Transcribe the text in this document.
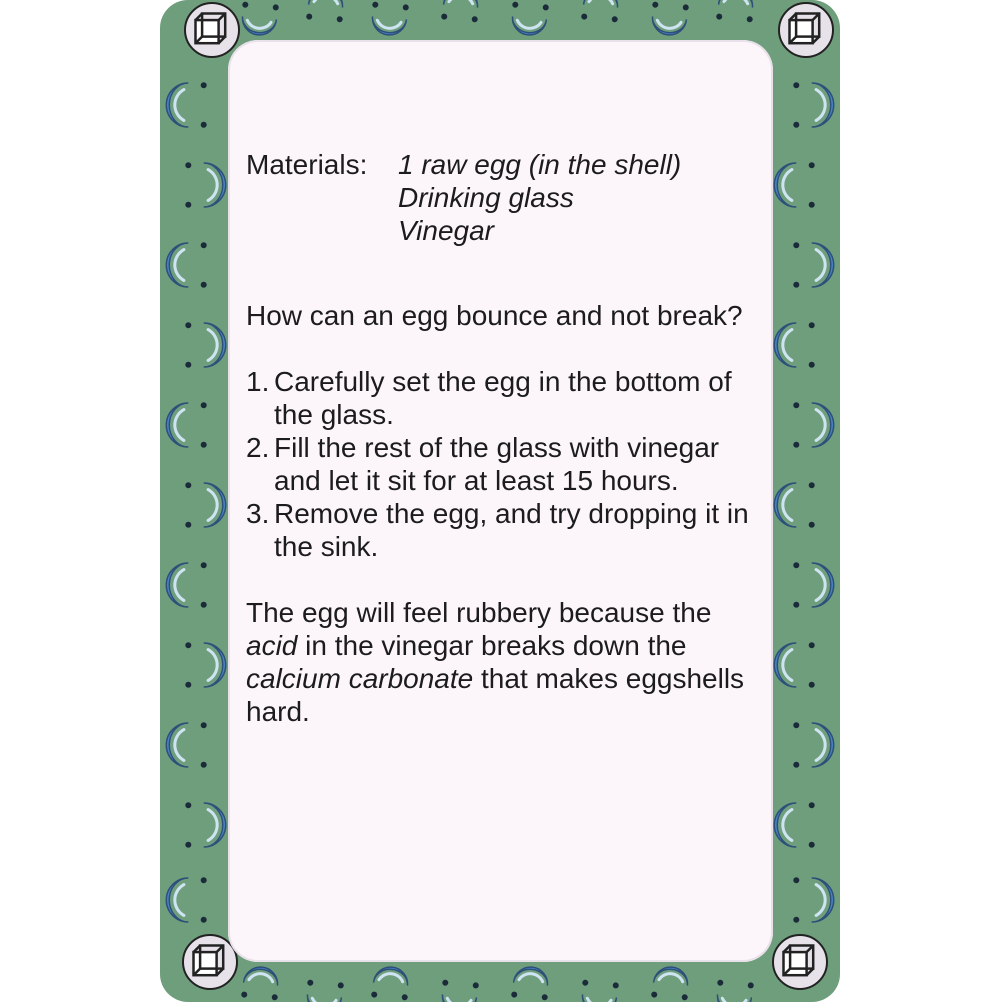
Materials:	1 raw egg (in the shell)
Drinking glass
Vinegar
How can an egg bounce and not break?
1. Carefully set the egg in the bottom of the glass.
2. Fill the rest of the glass with vinegar and let it sit for at least 15 hours.
3. Remove the egg, and try dropping it in the sink.
The egg will feel rubbery because the acid in the vinegar breaks down the calcium carbonate that makes eggshells hard.
